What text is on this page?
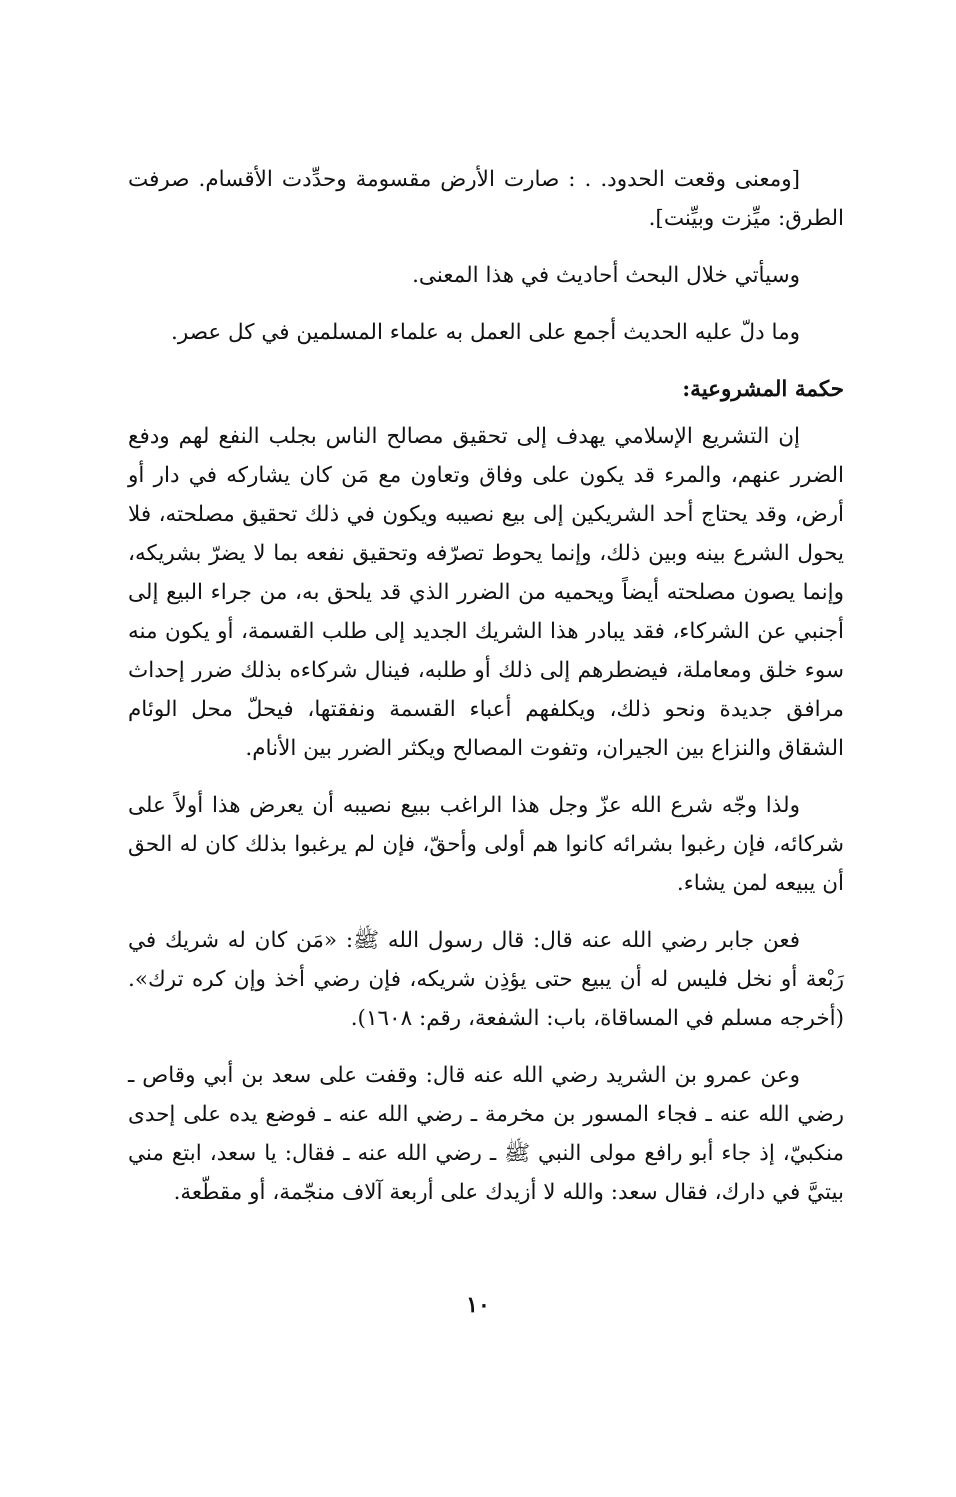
[ومعنى وقعت الحدود. . : صارت الأرض مقسومة وحدِّدت الأقسام. صرفت الطرق: ميِّزت وبيِّنت].

وسيأتي خلال البحث أحاديث في هذا المعنى.

وما دلّ عليه الحديث أجمع على العمل به علماء المسلمين في كل عصر.

حكمة المشروعية:

إن التشريع الإسلامي يهدف إلى تحقيق مصالح الناس بجلب النفع لهم ودفع الضرر عنهم، والمرء قد يكون على وفاق وتعاون مع مَن كان يشاركه في دار أو أرض، وقد يحتاج أحد الشريكين إلى بيع نصيبه ويكون في ذلك تحقيق مصلحته، فلا يحول الشرع بينه وبين ذلك، وإنما يحوط تصرّفه وتحقيق نفعه بما لا يضرّ بشريكه، وإنما يصون مصلحته أيضاً ويحميه من الضرر الذي قد يلحق به، من جراء البيع إلى أجنبي عن الشركاء، فقد يبادر هذا الشريك الجديد إلى طلب القسمة، أو يكون منه سوء خلق ومعاملة، فيضطرهم إلى ذلك أو طلبه، فينال شركاءه بذلك ضرر إحداث مرافق جديدة ونحو ذلك، ويكلفهم أعباء القسمة ونفقتها، فيحلّ محل الوئام الشقاق والنزاع بين الجيران، وتفوت المصالح ويكثر الضرر بين الأنام.

ولذا وجّه شرع الله عزّ وجل هذا الراغب ببيع نصيبه أن يعرض هذا أولاً على شركائه، فإن رغبوا بشرائه كانوا هم أولى وأحقّ، فإن لم يرغبوا بذلك كان له الحق أن يبيعه لمن يشاء.

فعن جابر رضي الله عنه قال: قال رسول الله ﷺ: «مَن كان له شريك في رَبْعة أو نخل فليس له أن يبيع حتى يؤذِن شريكه، فإن رضي أخذ وإن كره ترك». (أخرجه مسلم في المساقاة، باب: الشفعة، رقم: ١٦٠٨).

وعن عمرو بن الشريد رضي الله عنه قال: وقفت على سعد بن أبي وقاص ـ رضي الله عنه ـ فجاء المسور بن مخرمة ـ رضي الله عنه ـ فوضع يده على إحدى منكبيّ، إذ جاء أبو رافع مولى النبي ﷺ ـ رضي الله عنه ـ فقال: يا سعد، ابتع مني بيتيَّ في دارك، فقال سعد: والله لا أزيدك على أربعة آلاف منجّمة، أو مقطّعة.

١٠
